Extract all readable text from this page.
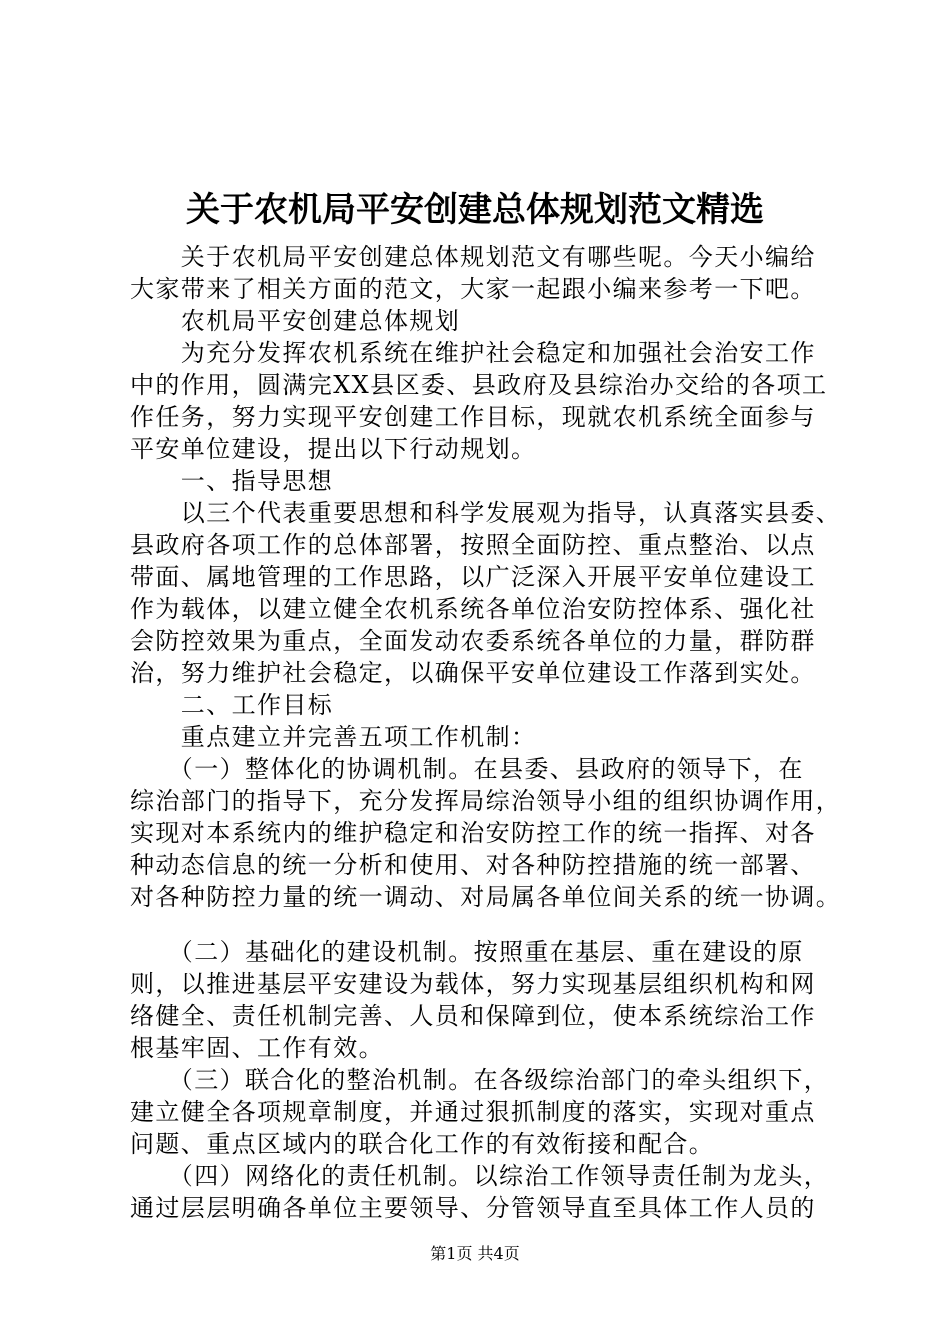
关于农机局平安创建总体规划范文精选
　　关于农机局平安创建总体规划范文有哪些呢。今天小编给
大家带来了相关方面的范文，大家一起跟小编来参考一下吧。
　　农机局平安创建总体规划
　　为充分发挥农机系统在维护社会稳定和加强社会治安工作
中的作用，圆满完XX县区委、县政府及县综治办交给的各项工
作任务，努力实现平安创建工作目标，现就农机系统全面参与
平安单位建设，提出以下行动规划。
　　一、指导思想
　　以三个代表重要思想和科学发展观为指导，认真落实县委、
县政府各项工作的总体部署，按照全面防控、重点整治、以点
带面、属地管理的工作思路，以广泛深入开展平安单位建设工
作为载体，以建立健全农机系统各单位治安防控体系、强化社
会防控效果为重点，全面发动农委系统各单位的力量，群防群
治，努力维护社会稳定，以确保平安单位建设工作落到实处。
　　二、工作目标
　　重点建立并完善五项工作机制：
　　（一）整体化的协调机制。在县委、县政府的领导下，在
综治部门的指导下，充分发挥局综治领导小组的组织协调作用，
实现对本系统内的维护稳定和治安防控工作的统一指挥、对各
种动态信息的统一分析和使用、对各种防控措施的统一部署、
对各种防控力量的统一调动、对局属各单位间关系的统一协调。
　　（二）基础化的建设机制。按照重在基层、重在建设的原
则，以推进基层平安建设为载体，努力实现基层组织机构和网
络健全、责任机制完善、人员和保障到位，使本系统综治工作
根基牢固、工作有效。
　　（三）联合化的整治机制。在各级综治部门的牵头组织下，
建立健全各项规章制度，并通过狠抓制度的落实，实现对重点
问题、重点区域内的联合化工作的有效衔接和配合。
　　（四）网络化的责任机制。以综治工作领导责任制为龙头，
通过层层明确各单位主要领导、分管领导直至具体工作人员的
第1页 共4页
